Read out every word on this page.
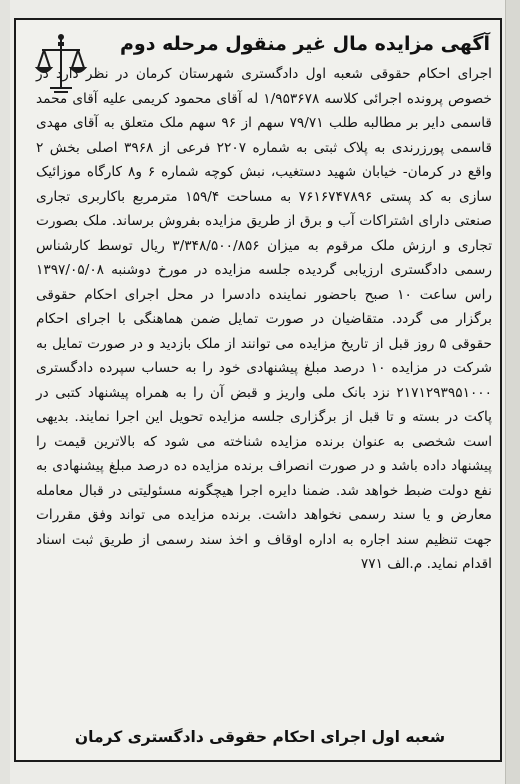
آگهی مزایده مال غیر منقول مرحله دوم
اجرای احکام حقوقی شعبه اول دادگستری شهرستان کرمان در نظر دارد در خصوص پرونده اجرائی کلاسه ۱/۹۵۳۶۷۸ له آقای محمود کریمی علیه آقای محمد قاسمی دایر بر مطالبه طلب ۷۹/۷۱ سهم از ۹۶ سهم ملک متعلق به آقای مهدی قاسمی پورزرندی به پلاک ثبتی به شماره ۲۲۰۷ فرعی از ۳۹۶۸ اصلی بخش ۲ واقع در کرمان- خیابان شهید دستغیب، نبش کوچه شماره ۶ و۸ کارگاه موزائیک سازی به کد پستی ۷۶۱۶۷۴۷۸۹۶ به مساحت ۱۵۹/۴ مترمربع باکاربری تجاری صنعتی دارای اشتراکات آب و برق از طریق مزایده بفروش برساند. ملک بصورت تجاری و ارزش ملک مرقوم به میزان ۳/۳۴۸/۵۰۰/۸۵۶ ریال توسط کارشناس رسمی دادگستری ارزیابی گردیده جلسه مزایده در مورخ دوشنبه ۱۳۹۷/۰۵/۰۸ راس ساعت ۱۰ صبح باحضور نماینده دادسرا در محل اجرای احکام حقوقی برگزار می گردد. متقاضیان در صورت تمایل ضمن هماهنگی با اجرای احکام حقوقی ۵ روز قبل از تاریخ مزایده می توانند از ملک بازدید و در صورت تمایل به شرکت در مزایده ۱۰ درصد مبلغ پیشنهادی خود را به حساب سپرده دادگستری ۲۱۷۱۲۹۳۹۵۱۰۰۰ نزد بانک ملی واریز و قبض آن را به همراه پیشنهاد کتبی در پاکت در بسته و تا قبل از برگزاری جلسه مزایده تحویل این اجرا نمایند. بدیهی است شخصی به عنوان برنده مزایده شناخته می شود که بالاترین قیمت را پیشنهاد داده باشد و در صورت انصراف برنده مزایده ده درصد مبلغ پیشنهادی به نفع دولت ضبط خواهد شد. ضمنا دایره اجرا هیچگونه مسئولیتی در قبال معامله معارض و یا سند رسمی نخواهد داشت. برنده مزایده می تواند وفق مقررات جهت تنظیم سند اجاره به اداره اوقاف و اخذ سند رسمی از طریق ثبت اسناد اقدام نماید. م.الف ۷۷۱
شعبه اول اجرای احکام حقوقی دادگستری کرمان
